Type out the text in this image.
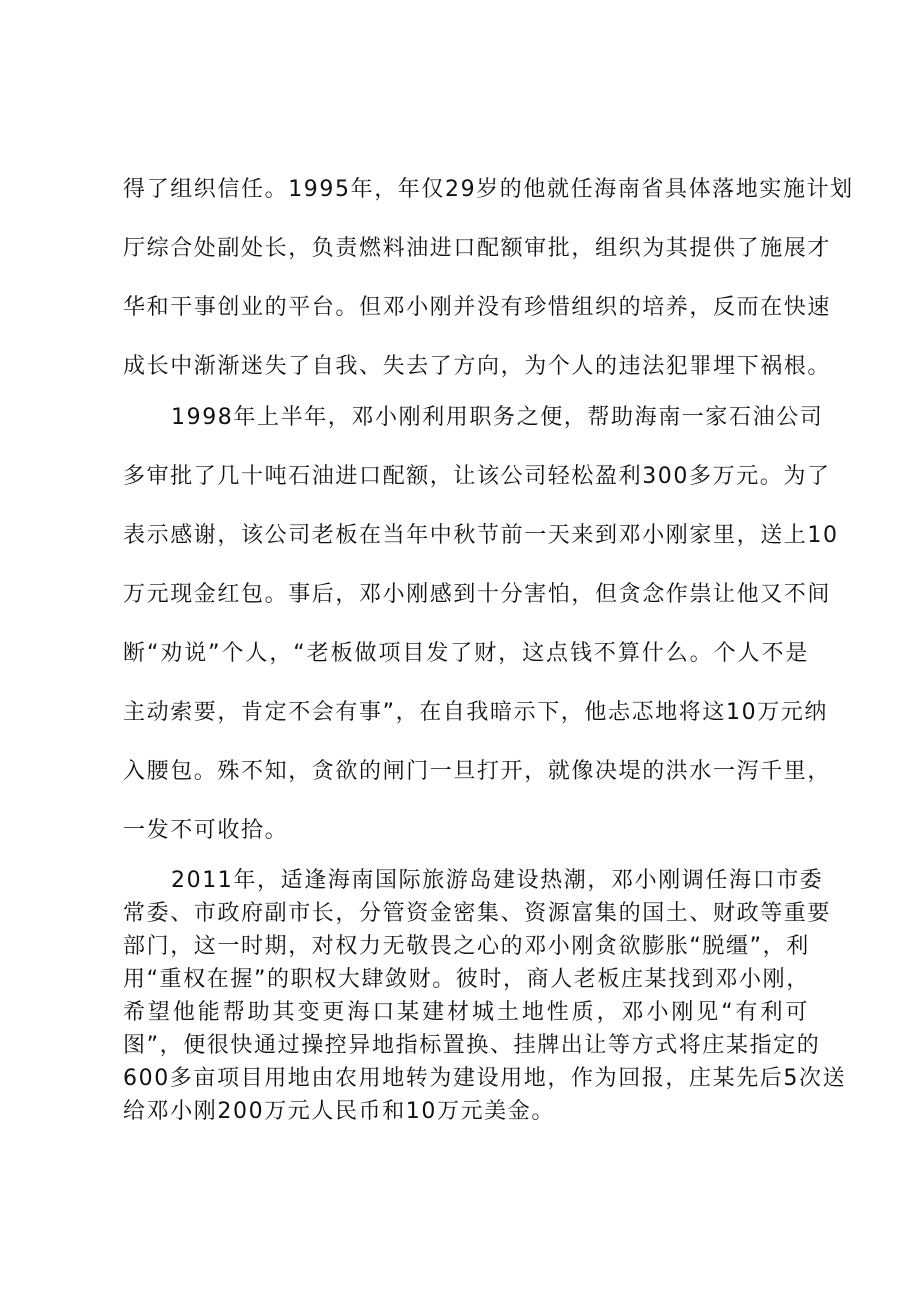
得了组织信任。1995年，年仅29岁的他就任海南省具体落地实施计划
厅综合处副处长，负责燃料油进口配额审批，组织为其提供了施展才
华和干事创业的平台。但邓小刚并没有珍惜组织的培养，反而在快速
成长中渐渐迷失了自我、失去了方向，为个人的违法犯罪埋下祸根。
1998年上半年，邓小刚利用职务之便，帮助海南一家石油公司
多审批了几十吨石油进口配额，让该公司轻松盈利300多万元。为了
表示感谢，该公司老板在当年中秋节前一天来到邓小刚家里，送上10
万元现金红包。事后，邓小刚感到十分害怕，但贪念作祟让他又不间
断“劝说”个人，“老板做项目发了财，这点钱不算什么。个人不是
主动索要，肯定不会有事”，在自我暗示下，他忐忑地将这10万元纳
入腰包。殊不知，贪欲的闸门一旦打开，就像决堤的洪水一泻千里，
一发不可收拾。
2011年，适逢海南国际旅游岛建设热潮，邓小刚调任海口市委
常委、市政府副市长，分管资金密集、资源富集的国土、财政等重要
部门，这一时期，对权力无敬畏之心的邓小刚贪欲膨胀“脱缰”，利
用“重权在握”的职权大肆敛财。彼时，商人老板庄某找到邓小刚，
希望他能帮助其变更海口某建材城土地性质，邓小刚见“有利可
图”，便很快通过操控异地指标置换、挂牌出让等方式将庄某指定的
600多亩项目用地由农用地转为建设用地，作为回报，庄某先后5次送
给邓小刚200万元人民币和10万元美金。
